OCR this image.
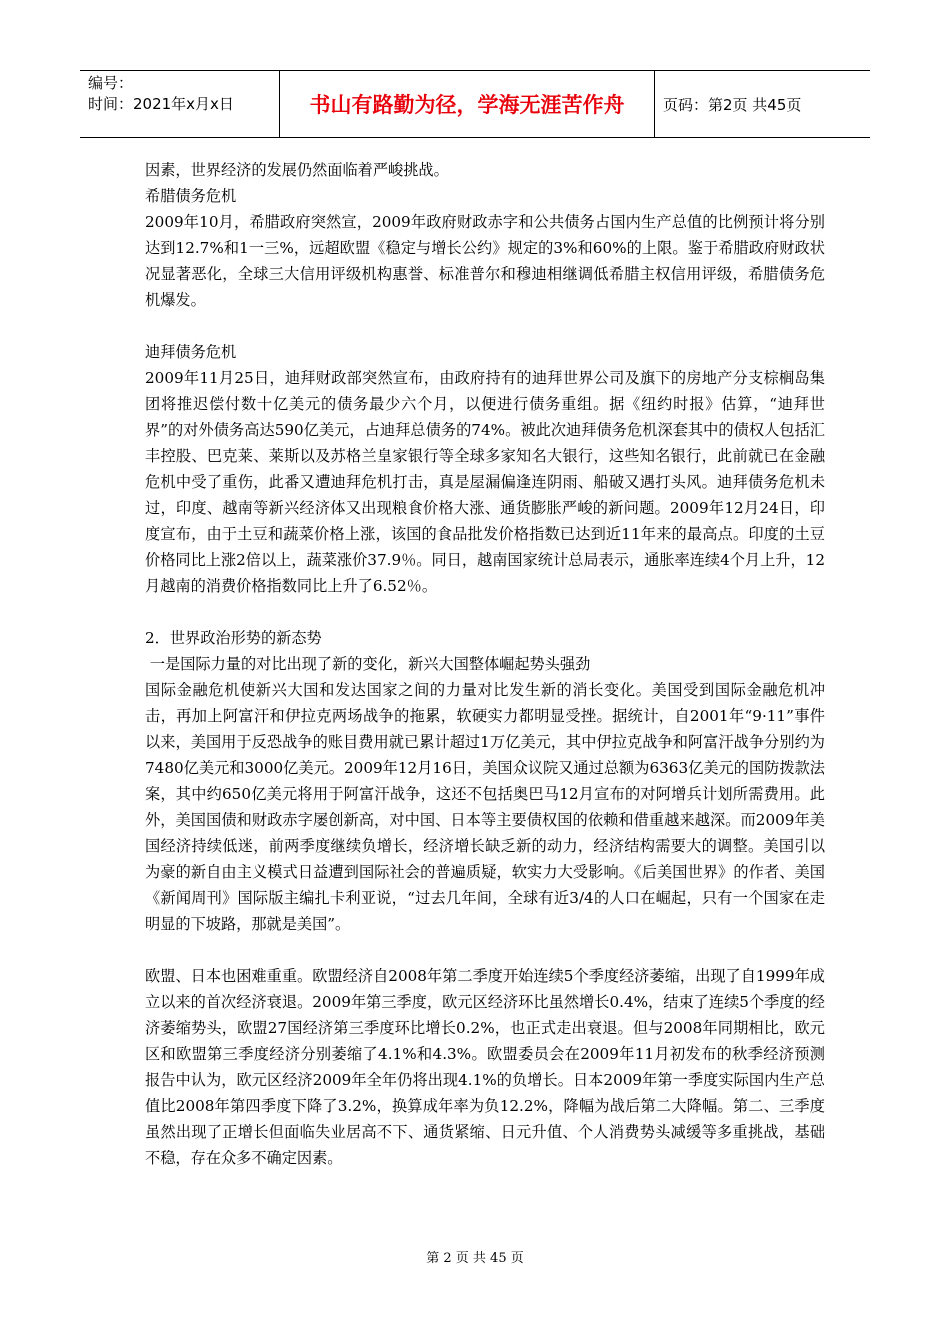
编号：
时间：2021年x月x日	书山有路勤为径，学海无涯苦作舟	页码：第2页 共45页

因素，世界经济的发展仍然面临着严峻挑战。

希腊债务危机

2009年10月，希腊政府突然宣，2009年政府财政赤字和公共债务占国内生产总值的比例预计将分别达到12.7%和1一三%，远超欧盟《稳定与增长公约》规定的3%和60%的上限。鉴于希腊政府财政状况显著恶化，全球三大信用评级机构惠誉、标准普尔和穆迪相继调低希腊主权信用评级，希腊债务危机爆发。

迪拜债务危机

2009年11月25日，迪拜财政部突然宣布，由政府持有的迪拜世界公司及旗下的房地产分支棕榈岛集团将推迟偿付数十亿美元的债务最少六个月，以便进行债务重组。据《纽约时报》估算，“迪拜世界”的对外债务高达590亿美元，占迪拜总债务的74%。被此次迪拜债务危机深套其中的债权人包括汇丰控股、巴克莱、莱斯以及苏格兰皇家银行等全球多家知名大银行，这些知名银行，此前就已在金融危机中受了重伤，此番又遭迪拜危机打击，真是屋漏偏逢连阴雨、船破又遇打头风。迪拜债务危机未过，印度、越南等新兴经济体又出现粮食价格大涨、通货膨胀严峻的新问题。2009年12月24日，印度宣布，由于土豆和蔬菜价格上涨，该国的食品批发价格指数已达到近11年来的最高点。印度的土豆价格同比上涨2倍以上，蔬菜涨价37.9％。同日，越南国家统计总局表示，通胀率连续4个月上升，12月越南的消费价格指数同比上升了6.52％。

2．世界政治形势的新态势

一是国际力量的对比出现了新的变化，新兴大国整体崛起势头强劲

国际金融危机使新兴大国和发达国家之间的力量对比发生新的消长变化。美国受到国际金融危机冲击，再加上阿富汗和伊拉克两场战争的拖累，软硬实力都明显受挫。据统计，自2001年“9·11”事件以来，美国用于反恐战争的账目费用就已累计超过1万亿美元，其中伊拉克战争和阿富汗战争分别约为7480亿美元和3000亿美元。2009年12月16日，美国众议院又通过总额为6363亿美元的国防拨款法案，其中约650亿美元将用于阿富汗战争，这还不包括奥巴马12月宣布的对阿增兵计划所需费用。此外，美国国债和财政赤字屡创新高，对中国、日本等主要债权国的依赖和借重越来越深。而2009年美国经济持续低迷，前两季度继续负增长，经济增长缺乏新的动力，经济结构需要大的调整。美国引以为豪的新自由主义模式日益遭到国际社会的普遍质疑，软实力大受影响。《后美国世界》的作者、美国《新闻周刊》国际版主编扎卡利亚说，“过去几年间，全球有近3/4的人口在崛起，只有一个国家在走明显的下坡路，那就是美国”。

欧盟、日本也困难重重。欧盟经济自2008年第二季度开始连续5个季度经济萎缩，出现了自1999年成立以来的首次经济衰退。2009年第三季度，欧元区经济环比虽然增长0.4%，结束了连续5个季度的经济萎缩势头，欧盟27国经济第三季度环比增长0.2%，也正式走出衰退。但与2008年同期相比，欧元区和欧盟第三季度经济分别萎缩了4.1%和4.3%。欧盟委员会在2009年11月初发布的秋季经济预测报告中认为，欧元区经济2009年全年仍将出现4.1%的负增长。日本2009年第一季度实际国内生产总值比2008年第四季度下降了3.2%，换算成年率为负12.2%，降幅为战后第二大降幅。第二、三季度虽然出现了正增长但面临失业居高不下、通货紧缩、日元升值、个人消费势头减缓等多重挑战，基础不稳，存在众多不确定因素。

第 2 页 共 45 页
